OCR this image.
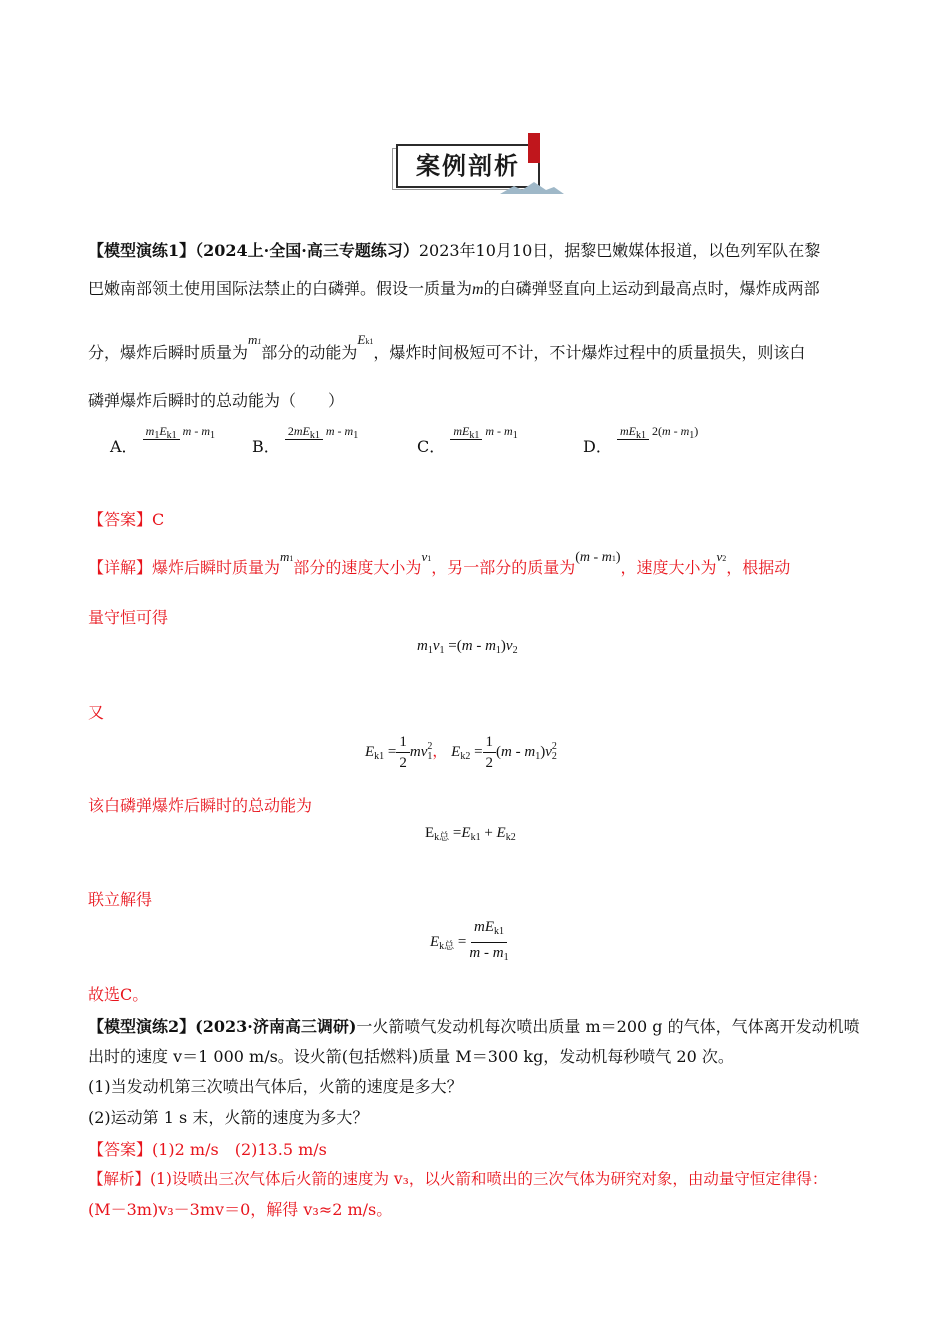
案例剖析
【模型演练1】（2024上·全国·高三专题练习）2023年10月10日，据黎巴嫩媒体报道，以色列军队在黎
巴嫩南部领土使用国际法禁止的白磷弹。假设一质量为m的白磷弹竖直向上运动到最高点时，爆炸成两部
分，爆炸后瞬时质量为$^{m1}$部分的动能为$^{Ek1}$，爆炸时间极短可不计，不计爆炸过程中的质量损失，则该白
磷弹爆炸后瞬时的总动能为（　　）
A． $m_1E_{k1}$ m - $m_1$
B． $2mE_{k1}$ m - $m_1$
C． $mE_{k1}$ m - $m_1$
D． $mE_{k1}$ $2(m - m_1)$
【答案】C
【详解】爆炸后瞬时质量为$^{m1}$部分的速度大小为$^{v1}$，另一部分的质量为(m - m1)，速度大小为$^{v2}$，根据动
量守恒可得
$m_1v_1 =(m - m_1)v_2$
又
$E_{k1} = \frac{1}{2} mv^2_1$， $E_{k2} = \frac{1}{2} (m - m_1)v^2_2$
该白磷弹爆炸后瞬时的总动能为
$E_{k总} =E_{k1} + E_{k2}$
联立解得
$E_{k总} = \frac{mE_{k1}}{m - m_1}$
故选C。
【模型演练2】(2023·济南高三调研)一火箭喷气发动机每次喷出质量 m＝200 g 的气体，气体离开发动机喷
出时的速度 v＝1 000 m/s。设火箭(包括燃料)质量 M＝300 kg，发动机每秒喷气 20 次。
(1)当发动机第三次喷出气体后，火箭的速度是多大？
(2)运动第 1 s 末，火箭的速度为多大？
【答案】(1)2 m/s　(2)13.5 m/s
【解析】(1)设喷出三次气体后火箭的速度为 v₃，以火箭和喷出的三次气体为研究对象，由动量守恒定律得：
(M－3m)v₃－3mv＝0，解得 v₃≈2 m/s。
